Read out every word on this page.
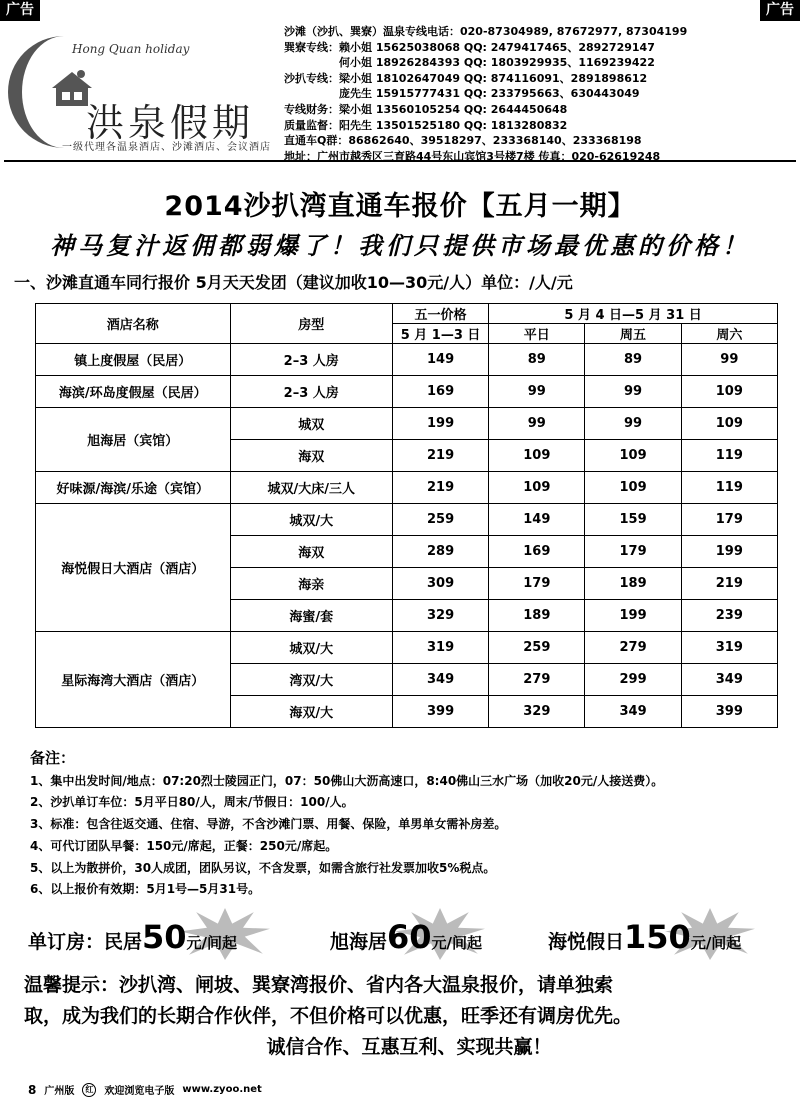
广告	广告
Hong Quan holiday
洪泉假期
一级代理各温泉酒店、沙滩酒店、会议酒店
沙滩（沙扒、巽寮）温泉专线电话：020-87304989, 87672977, 87304199
巽寮专线：赖小姐 15625038068 QQ: 2479417465、2892729147
　　　　　何小姐 18926284393 QQ: 1803929935、1169239422
沙扒专线：梁小姐 18102647049 QQ: 874116091、2891898612
　　　　　庞先生 15915777431 QQ: 233795663、630443049
专线财务：梁小姐 13560105254 QQ: 2644450648
质量监督：阳先生 13501525180 QQ: 1813280832
直通车Q群：86862640、39518297、233368140、233368198
地址：广州市越秀区三育路44号东山宾馆3号楼7楼 传真：020-62619248
2014沙扒湾直通车报价【五月一期】
神马复汁返佣都弱爆了！我们只提供市场最优惠的价格！
一、沙滩直通车同行报价 5月天天发团（建议加收10—30元/人）单位：/人/元
酒店名称	房型	五一价格	5 月 4 日—5 月 31 日		
		5 月 1—3 日	平日	周五	周六
镇上度假屋（民居）	2–3 人房	149	89	89	99
海滨/环岛度假屋（民居）	2–3 人房	169	99	99	109
旭海居（宾馆）	城双	199	99	99	109
	海双	219	109	109	119
好味源/海滨/乐途（宾馆）	城双/大床/三人	219	109	109	119
海悦假日大酒店（酒店）	城双/大	259	149	159	179
	海双	289	169	179	199
	海亲	309	179	189	219
	海蜜/套	329	189	199	239
星际海湾大酒店（酒店）	城双/大	319	259	279	319
	湾双/大	349	279	299	349
	海双/大	399	329	349	399
备注：
1、集中出发时间/地点：07:20烈士陵园正门，07：50佛山大沥高速口，8:40佛山三水广场（加收20元/人接送费）。
2、沙扒单订车位：5月平日80/人，周末/节假日：100/人。
3、标准：包含往返交通、住宿、导游，不含沙滩门票、用餐、保险，单男单女需补房差。
4、可代订团队早餐：150元/席起，正餐：250元/席起。
5、以上为散拼价，30人成团，团队另议，不含发票，如需含旅行社发票加收5%税点。
6、以上报价有效期：5月1号—5月31号。
单订房：民居50元/间起	旭海居60元/间起	海悦假日150元/间起
温馨提示：沙扒湾、闸坡、巽寮湾报价、省内各大温泉报价，请单独索
取，成为我们的长期合作伙伴，不但价格可以优惠，旺季还有调房优先。
诚信合作、互惠互利、实现共赢！
8 广州版	红	欢迎浏览电子版 www.zyoo.net
